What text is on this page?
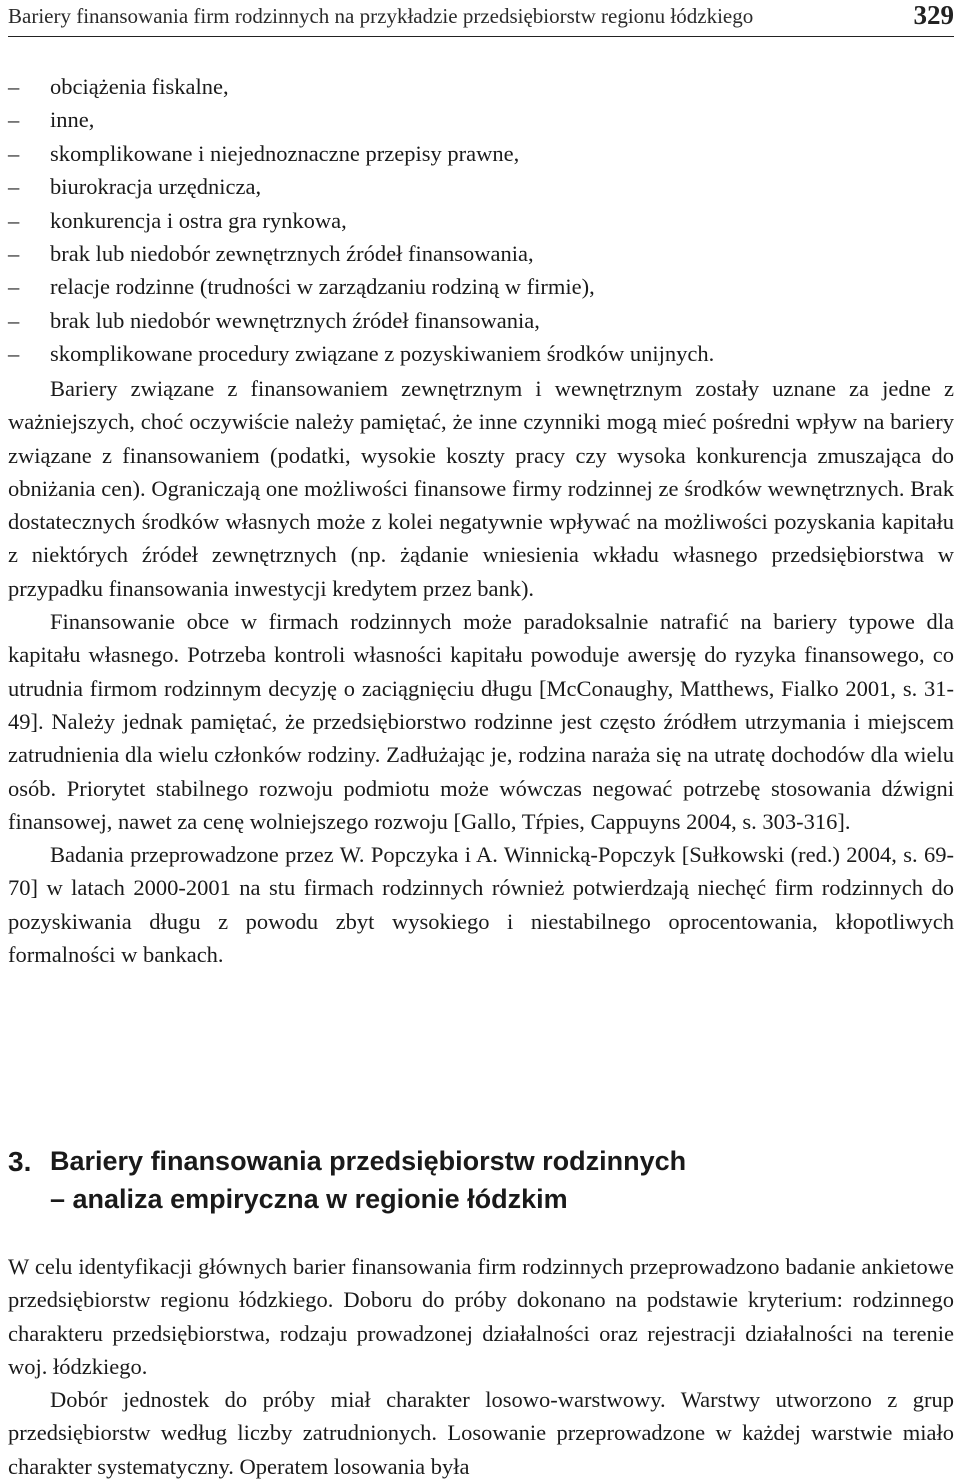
Bariery finansowania firm rodzinnych na przykładzie przedsiębiorstw regionu łódzkiego	329
–	obciążenia fiskalne,
–	inne,
–	skomplikowane i niejednoznaczne przepisy prawne,
–	biurokracja urzędnicza,
–	konkurencja i ostra gra rynkowa,
–	brak lub niedobór zewnętrznych źródeł finansowania,
–	relacje rodzinne (trudności w zarządzaniu rodziną w firmie),
–	brak lub niedobór wewnętrznych źródeł finansowania,
–	skomplikowane procedury związane z pozyskiwaniem środków unijnych.

Bariery związane z finansowaniem zewnętrznym i wewnętrznym zostały uznane za jedne z ważniejszych, choć oczywiście należy pamiętać, że inne czynniki mogą mieć pośredni wpływ na bariery związane z finansowaniem (podatki, wysokie koszty pracy czy wysoka konkurencja zmuszająca do obniżania cen). Ograniczają one możliwości finansowe firmy rodzinnej ze środków wewnętrznych. Brak dostatecznych środków własnych może z kolei negatywnie wpływać na możliwości pozyskania kapitału z niektórych źródeł zewnętrznych (np. żądanie wniesienia wkładu własnego przedsiębiorstwa w przypadku finansowania inwestycji kredytem przez bank).

Finansowanie obce w firmach rodzinnych może paradoksalnie natrafić na bariery typowe dla kapitału własnego. Potrzeba kontroli własności kapitału powoduje awersję do ryzyka finansowego, co utrudnia firmom rodzinnym decyzję o zaciągnięciu długu [McConaughy, Matthews, Fialko 2001, s. 31-49]. Należy jednak pamiętać, że przedsiębiorstwo rodzinne jest często źródłem utrzymania i miejscem zatrudnienia dla wielu członków rodziny. Zadłużając je, rodzina naraża się na utratę dochodów dla wielu osób. Priorytet stabilnego rozwoju podmiotu może wówczas negować potrzebę stosowania dźwigni finansowej, nawet za cenę wolniejszego rozwoju [Gallo, Tŕpies, Cappuyns 2004, s. 303-316].

Badania przeprowadzone przez W. Popczyka i A. Winnicką-Popczyk [Sułkowski (red.) 2004, s. 69-70] w latach 2000-2001 na stu firmach rodzinnych również potwierdzają niechęć firm rodzinnych do pozyskiwania długu z powodu zbyt wysokiego i niestabilnego oprocentowania, kłopotliwych formalności w bankach.

3. Bariery finansowania przedsiębiorstw rodzinnych
– analiza empiryczna w regionie łódzkim

W celu identyfikacji głównych barier finansowania firm rodzinnych przeprowadzono badanie ankietowe przedsiębiorstw regionu łódzkiego. Doboru do próby dokonano na podstawie kryterium: rodzinnego charakteru przedsiębiorstwa, rodzaju prowadzonej działalności oraz rejestracji działalności na terenie woj. łódzkiego.

Dobór jednostek do próby miał charakter losowo-warstwowy. Warstwy utworzono z grup przedsiębiorstw według liczby zatrudnionych. Losowanie przeprowadzone w każdej warstwie miało charakter systematyczny. Operatem losowania była
